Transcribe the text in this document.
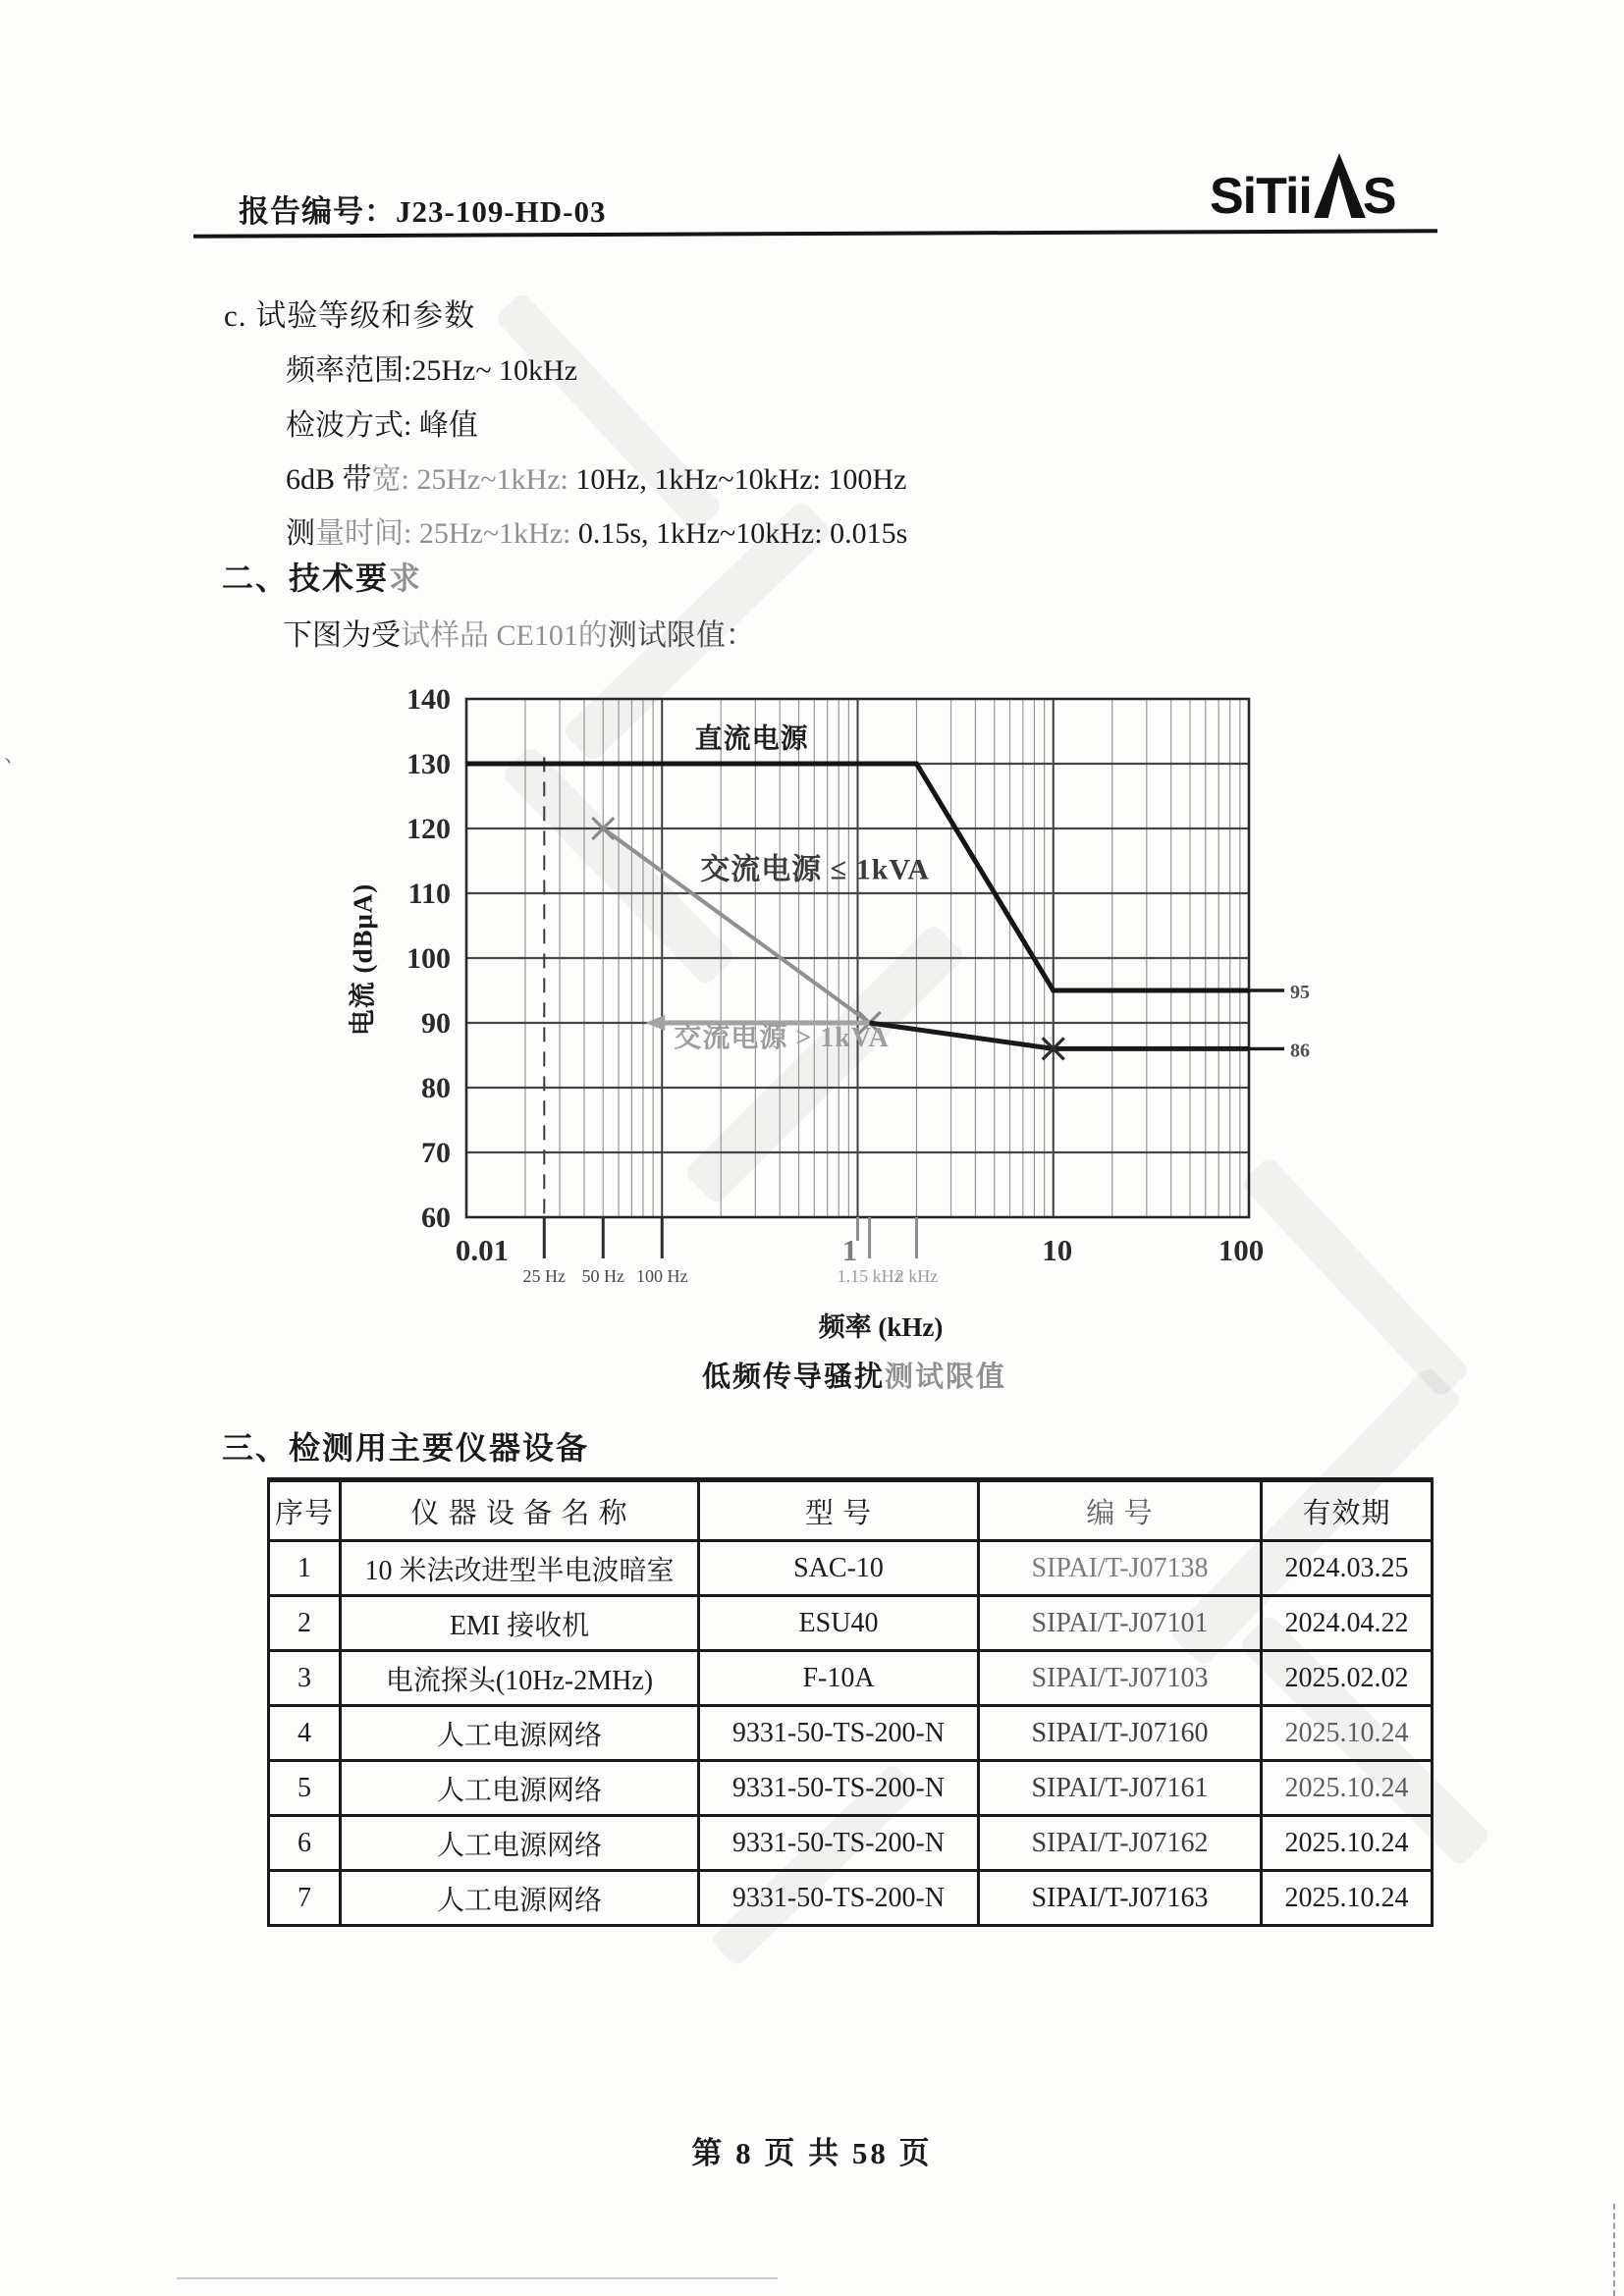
报告编号：J23-109-HD-03	SiTii S
c. 试验等级和参数
频率范围:25Hz~ 10kHz
检波方式: 峰值
6dB 带宽: 25Hz~1kHz: 10Hz, 1kHz~10kHz: 100Hz
测量时间: 25Hz~1kHz: 0.15s, 1kHz~10kHz: 0.015s
二、技术要求
下图为受试样品 CE101的测试限值：
25 Hz 50 Hz 100 Hz	1.15 kHz
2 kHz
0.01	1	10	100
60
70
80
90
100
110
120
130
140
95
86
直流电源
交流电源 ≤ 1kVA
交流电源 > 1kVA
电流 (dBμA)
频率 (kHz)
低频传导骚扰测试限值
三、检测用主要仪器设备
序号	仪 器 设 备 名 称	型 号	编 号	有效期
1	10 米法改进型半电波暗室	SAC-10	SIPAI/T-J07138	2024.03.25
2	EMI 接收机	ESU40	SIPAI/T-J07101	2024.04.22
3	电流探头(10Hz-2MHz)	F-10A	SIPAI/T-J07103	2025.02.02
4	人工电源网络	9331-50-TS-200-N	SIPAI/T-J07160	2025.10.24
5	人工电源网络	9331-50-TS-200-N	SIPAI/T-J07161	2025.10.24
6	人工电源网络	9331-50-TS-200-N	SIPAI/T-J07162	2025.10.24
7	人工电源网络	9331-50-TS-200-N	SIPAI/T-J07163	2025.10.24
第 8 页 共 58 页
、
